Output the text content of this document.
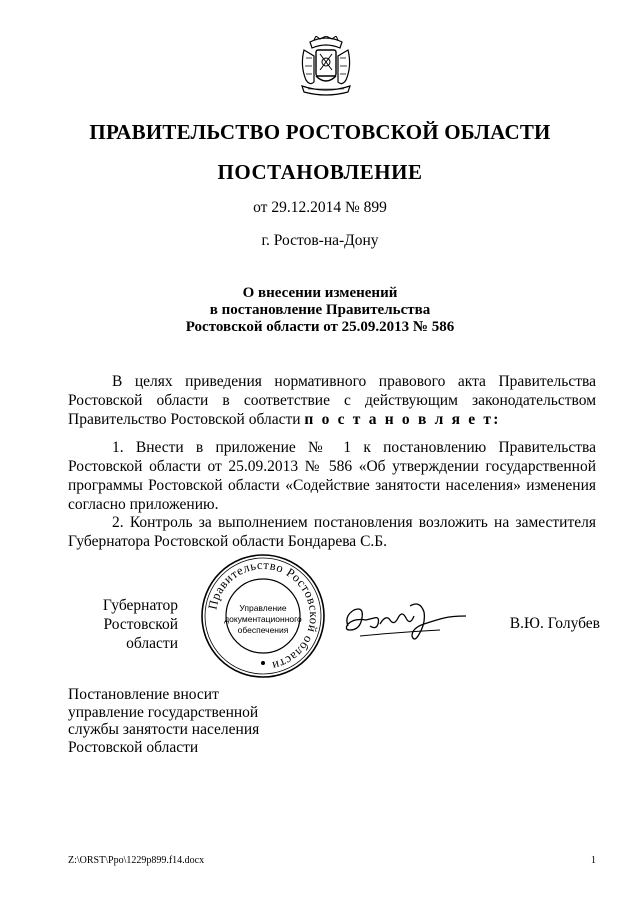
ПРАВИТЕЛЬСТВО РОСТОВСКОЙ ОБЛАСТИ
ПОСТАНОВЛЕНИЕ
от 29.12.2014 № 899
г. Ростов-на-Дону
О внесении изменений
в постановление Правительства
Ростовской области от 25.09.2013 № 586
В целях приведения нормативного правового акта Правительства Ростовской области в соответствие с действующим законодательством Правительство Ростовской области п о с т а н о в л я е т:
1. Внести в приложение № 1 к постановлению Правительства Ростовской области от 25.09.2013 № 586 «Об утверждении государственной программы Ростовской области «Содействие занятости населения» изменения согласно приложению.
2. Контроль за выполнением постановления возложить на заместителя Губернатора Ростовской области Бондарева С.Б.
Губернатор
Ростовской области
Правительство Ростовской области
Управление
документационного
обеспечения	В.Ю. Голубев
Постановление вносит
управление государственной
службы занятости населения
Ростовской области
Z:\ORST\Ppo\1229p899.f14.docx	1
